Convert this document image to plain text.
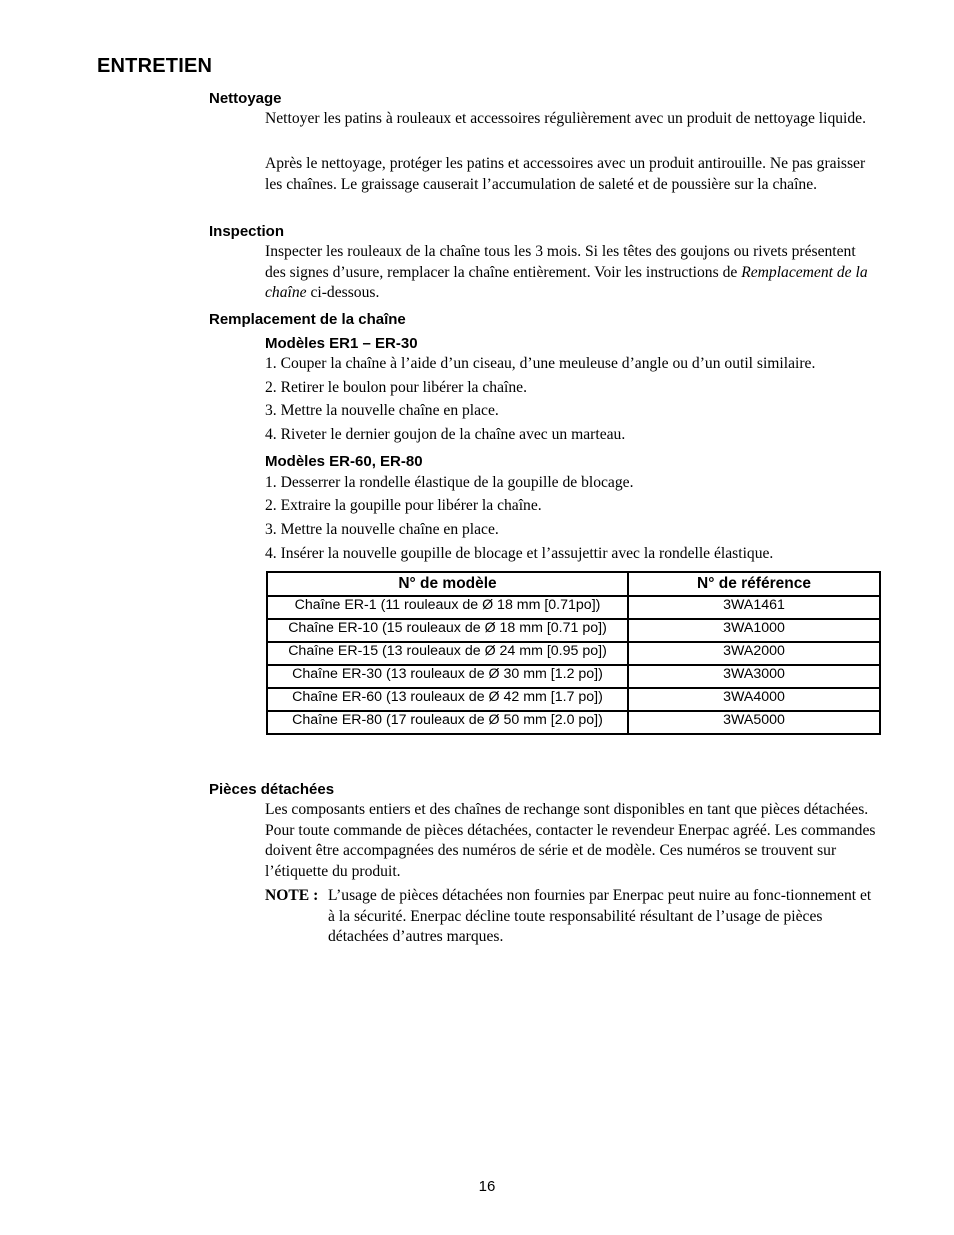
ENTRETIEN
Nettoyage
Nettoyer les patins à rouleaux et accessoires régulièrement avec un produit de nettoyage liquide.
Après le nettoyage, protéger les patins et accessoires avec un produit antirouille. Ne pas graisser les chaînes. Le graissage causerait l’accumulation de saleté et de poussière sur la chaîne.
Inspection
Inspecter les rouleaux de la chaîne tous les 3 mois. Si les têtes des goujons ou rivets présentent des signes d’usure, remplacer la chaîne entièrement. Voir les instructions de Remplacement de la chaîne ci-dessous.
Remplacement de la chaîne
Modèles ER1 – ER-30
1. Couper la chaîne à l’aide d’un ciseau, d’une meuleuse d’angle ou d’un outil similaire.
2. Retirer le boulon pour libérer la chaîne.
3. Mettre la nouvelle chaîne en place.
4. Riveter le dernier goujon de la chaîne avec un marteau.
Modèles ER-60, ER-80
1. Desserrer la rondelle élastique de la goupille de blocage.
2. Extraire la goupille pour libérer la chaîne.
3. Mettre la nouvelle chaîne en place.
4. Insérer la nouvelle goupille de blocage et l’assujettir avec la rondelle élastique.
N° de modèle	N° de référence
Chaîne ER-1 (11 rouleaux de Ø 18 mm [0.71po])	3WA1461
Chaîne ER-10 (15 rouleaux de Ø 18 mm [0.71 po])	3WA1000
Chaîne ER-15 (13 rouleaux de Ø 24 mm [0.95 po])	3WA2000
Chaîne ER-30 (13 rouleaux de Ø 30 mm [1.2 po])	3WA3000
Chaîne ER-60 (13 rouleaux de Ø 42 mm [1.7 po])	3WA4000
Chaîne ER-80 (17 rouleaux de Ø 50 mm [2.0 po])	3WA5000
Pièces détachées
Les composants entiers et des chaînes de rechange sont disponibles en tant que pièces détachées. Pour toute commande de pièces détachées, contacter le revendeur Enerpac agréé. Les commandes doivent être accompagnées des numéros de série et de modèle. Ces numéros se trouvent sur l’étiquette du produit.
NOTE : L’usage de pièces détachées non fournies par Enerpac peut nuire au fonc-tionnement et à la sécurité. Enerpac décline toute responsabilité résultant de l’usage de pièces détachées d’autres marques.
16
